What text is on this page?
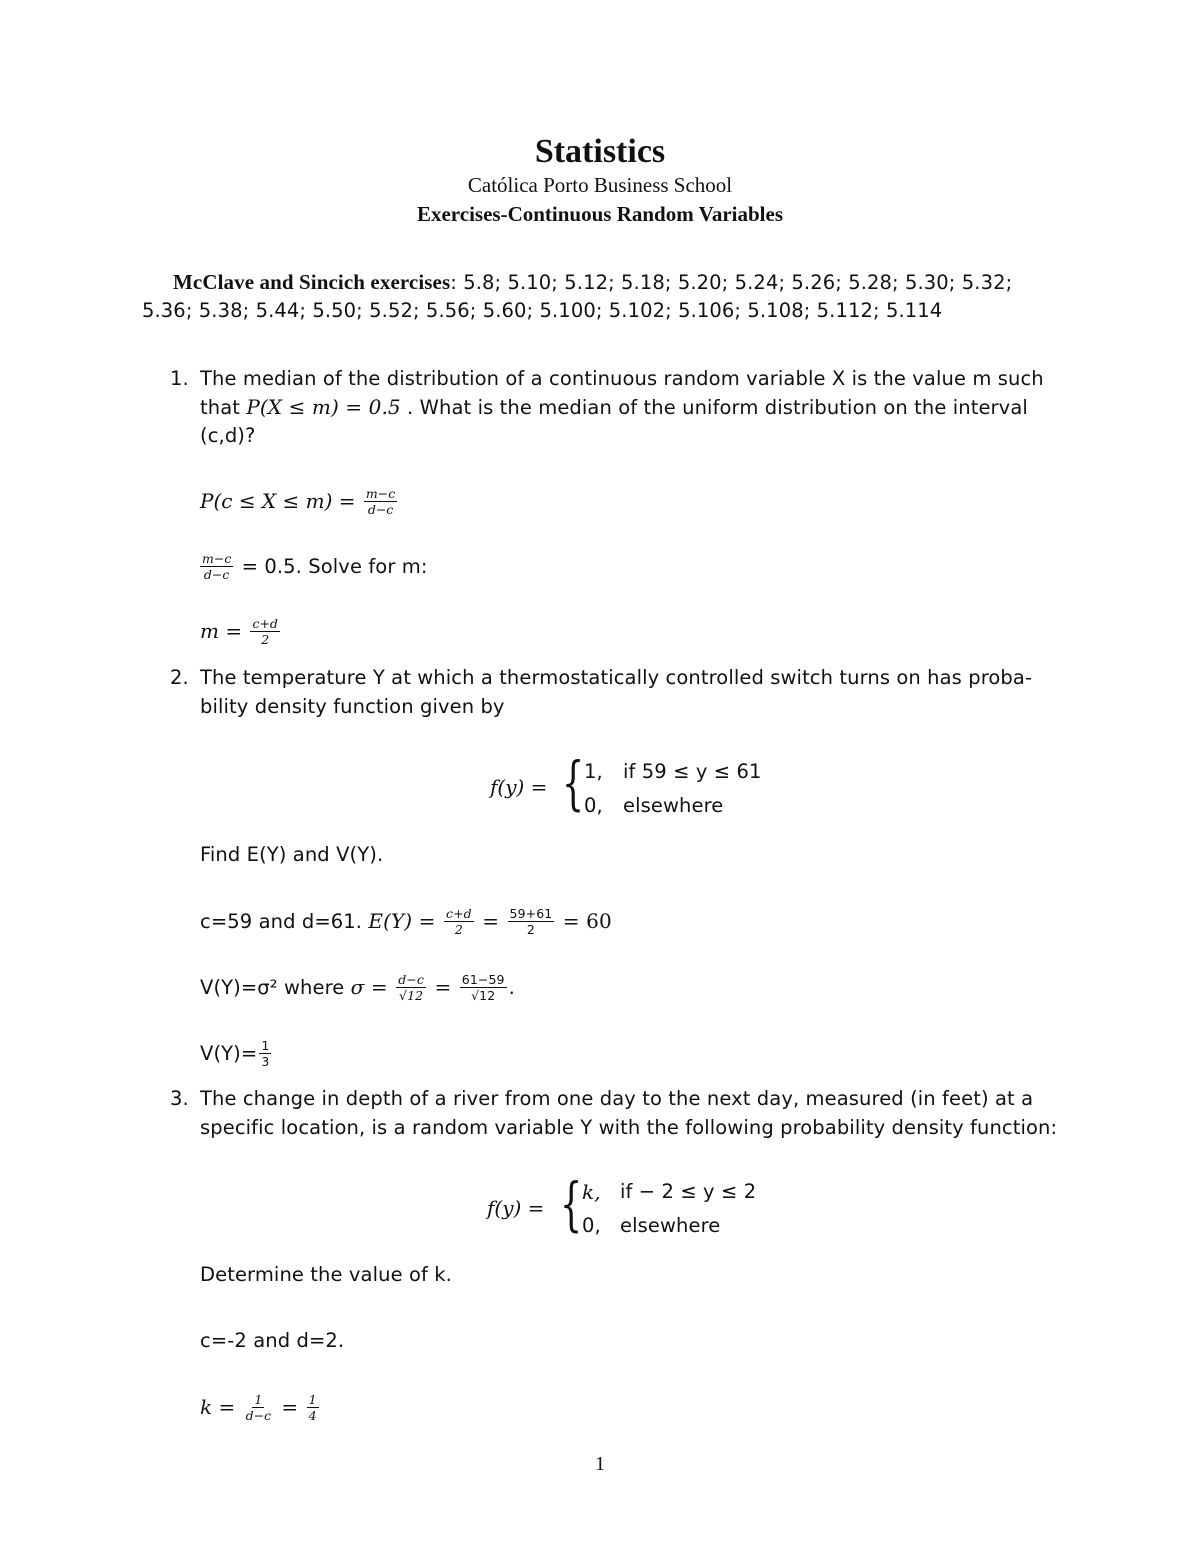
Statistics
Católica Porto Business School
Exercises-Continuous Random Variables
McClave and Sincich exercises: 5.8; 5.10; 5.12; 5.18; 5.20; 5.24; 5.26; 5.28; 5.30; 5.32;
5.36; 5.38; 5.44; 5.50; 5.52; 5.56; 5.60; 5.100; 5.102; 5.106; 5.108; 5.112; 5.114
1. The median of the distribution of a continuous random variable X is the value m such
that P(X ≤ m) = 0.5 . What is the median of the uniform distribution on the interval
(c,d)?
$P(c \le X \le m) = \frac{m-c}{d-c}$
$\frac{m-c}{d-c} = 0.5$. Solve for m:
$m = \frac{c+d}{2}$
2. The temperature Y at which a thermostatically controlled switch turns on has proba-
bility density function given by
f(y) = { 1, if 59 ≤ y ≤ 61
0, elsewhere
Find E(Y) and V(Y).
c=59 and d=61. $E(Y) = \frac{c+d}{2} = \frac{59+61}{2} = 60$
V(Y)=σ² where $\sigma = \frac{d-c}{√12} = \frac{61-59}{√12}$ .
$V(Y)= \frac{1}{3}$
3. The change in depth of a river from one day to the next day, measured (in feet) at a
specific location, is a random variable Y with the following probability density function:
f(y) = { k, if − 2 ≤ y ≤ 2
0, elsewhere
Determine the value of k.
c=-2 and d=2.
$k = \frac{1}{d-c} = \frac{1}{4}$
1
